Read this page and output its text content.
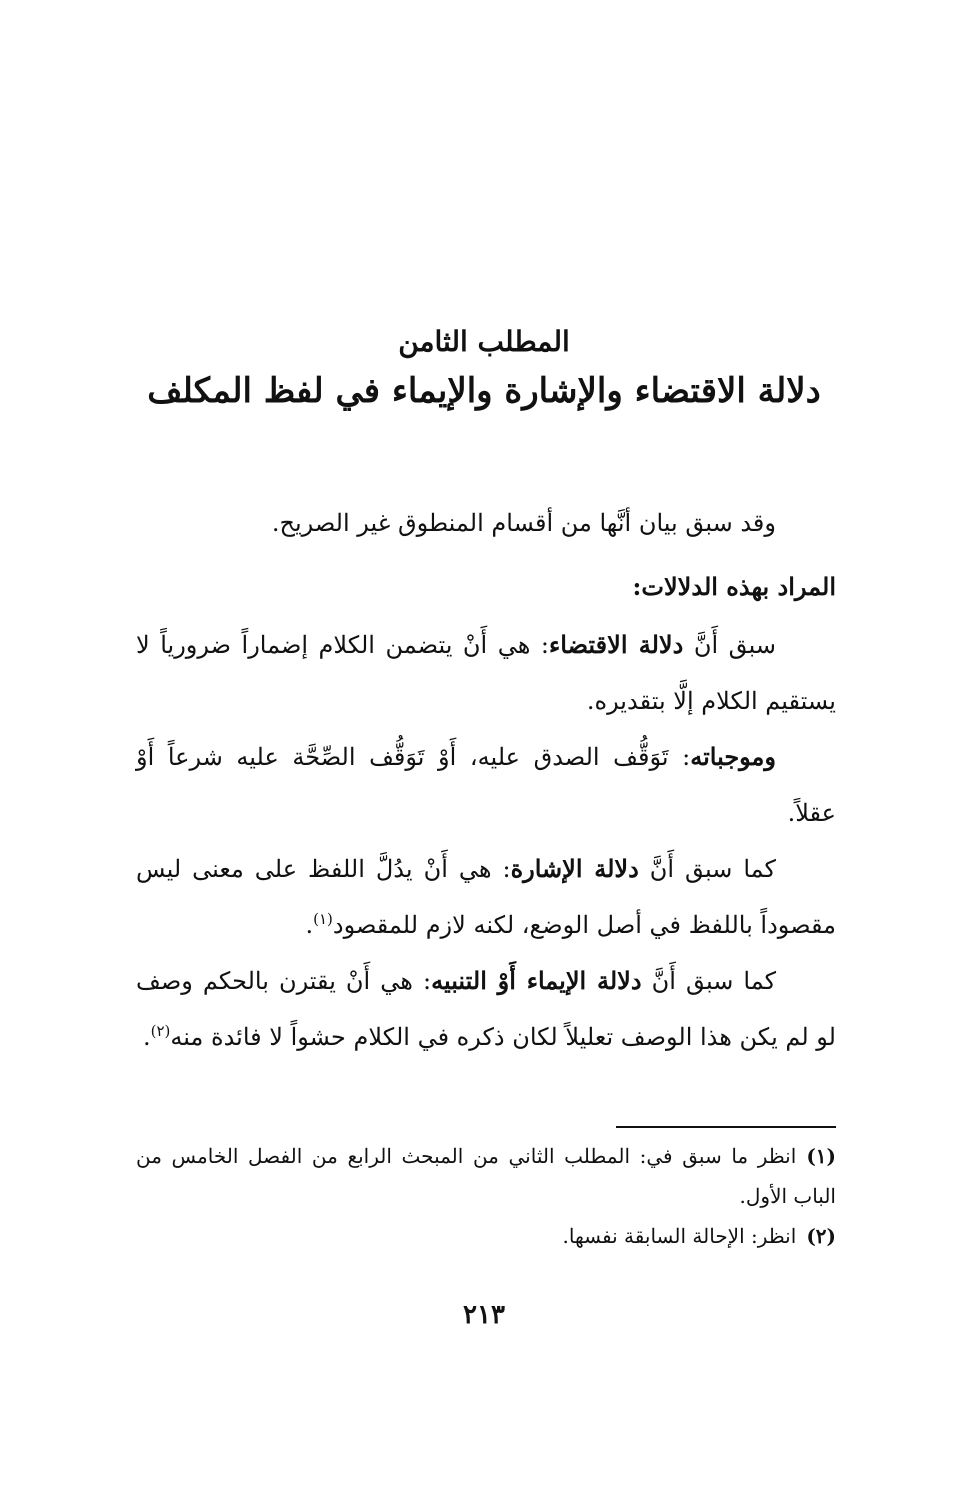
المطلب الثامن
دلالة الاقتضاء والإشارة والإيماء في لفظ المكلف

وقد سبق بيان أنَّها من أقسام المنطوق غير الصريح.

المراد بهذه الدلالات:

سبق أَنَّ دلالة الاقتضاء: هي أَنْ يتضمن الكلام إضماراً ضرورياً لا يستقيم الكلام إلَّا بتقديره.

وموجباته: تَوَقُّف الصدق عليه، أَوْ تَوَقُّف الصِّحَّة عليه شرعاً أَوْ عقلاً.

كما سبق أَنَّ دلالة الإشارة: هي أَنْ يدُلَّ اللفظ على معنى ليس مقصوداً باللفظ في أصل الوضع، لكنه لازم للمقصود$^{(١)}$.

كما سبق أَنَّ دلالة الإيماء أَوْ التنبيه: هي أَنْ يقترن بالحكم وصف لو لم يكن هذا الوصف تعليلاً لكان ذكره في الكلام حشواً لا فائدة منه$^{(٢)}$.

(١)انظر ما سبق في: المطلب الثاني من المبحث الرابع من الفصل الخامس من الباب الأول.

(٢)انظر: الإحالة السابقة نفسها.

٢١٣
